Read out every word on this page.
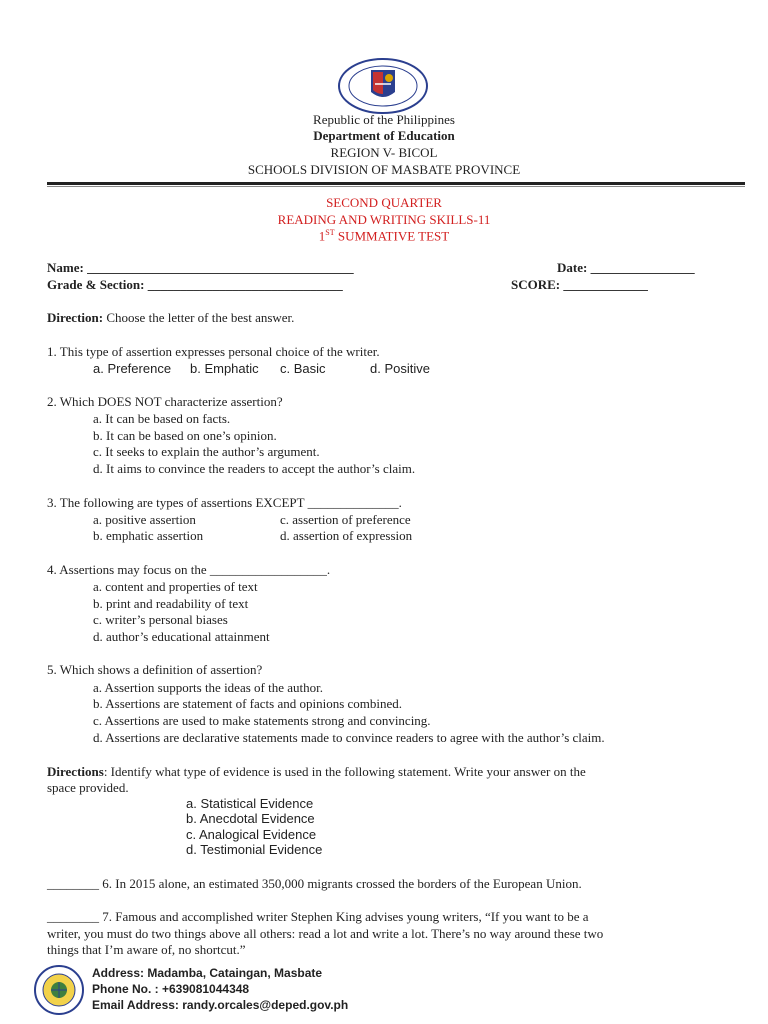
Republic of the Philippines
Department of Education
REGION V- BICOL
SCHOOLS DIVISION OF MASBATE PROVINCE
SECOND QUARTER
READING AND WRITING SKILLS-11
1ST SUMMATIVE TEST
Name: _________________________________________	Date: ________________
Grade & Section: ______________________________	SCORE: _____________
Direction: Choose the letter of the best answer.
1. This type of assertion expresses personal choice of the writer.
a. Preference b. Emphatic c. Basic	d. Positive
2. Which DOES NOT characterize assertion?
a. It can be based on facts.
b. It can be based on one’s opinion.
c. It seeks to explain the author’s argument.
d. It aims to convince the readers to accept the author’s claim.
3. The following are types of assertions EXCEPT ______________.
a. positive assertion	c. assertion of preference
b. emphatic assertion	d. assertion of expression
4. Assertions may focus on the __________________.
a. content and properties of text
b. print and readability of text
c. writer’s personal biases
d. author’s educational attainment
5. Which shows a definition of assertion?
a. Assertion supports the ideas of the author.
b. Assertions are statement of facts and opinions combined.
c. Assertions are used to make statements strong and convincing.
d. Assertions are declarative statements made to convince readers to agree with the author’s claim.
Directions: Identify what type of evidence is used in the following statement. Write your answer on the
space provided.
a. Statistical Evidence
b. Anecdotal Evidence
c. Analogical Evidence
d. Testimonial Evidence
________ 6. In 2015 alone, an estimated 350,000 migrants crossed the borders of the European Union.
________ 7. Famous and accomplished writer Stephen King advises young writers, “If you want to be a
writer, you must do two things above all others: read a lot and write a lot. There’s no way around these two
things that I’m aware of, no shortcut.”
Address: Madamba, Cataingan, Masbate
Phone No. : +639081044348
Email Address: randy.orcales@deped.gov.ph
